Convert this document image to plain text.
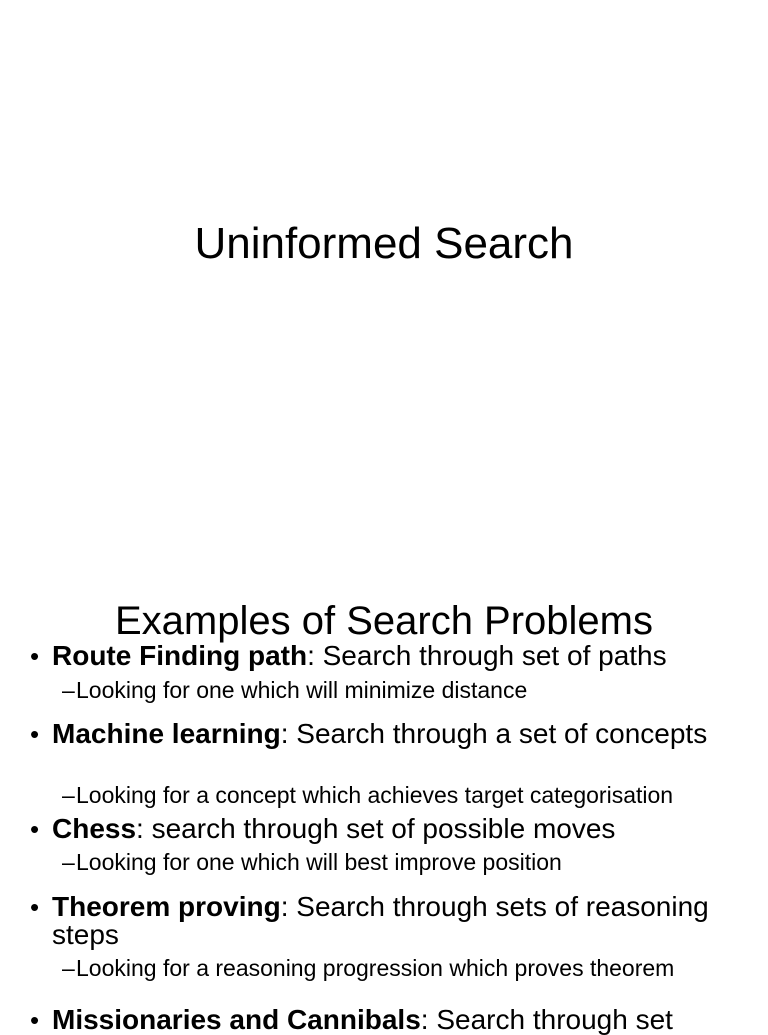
Uninformed Search
Examples of Search Problems
• Route Finding path: Search through set of paths
– Looking for one which will minimize distance
• Machine learning: Search through a set of concepts
– Looking for a concept which achieves target categorisation
• Chess: search through set of possible moves
– Looking for one which will best improve position
• Theorem proving: Search through sets of reasoning steps
– Looking for a reasoning progression which proves theorem
• Missionaries and Cannibals: Search through set
